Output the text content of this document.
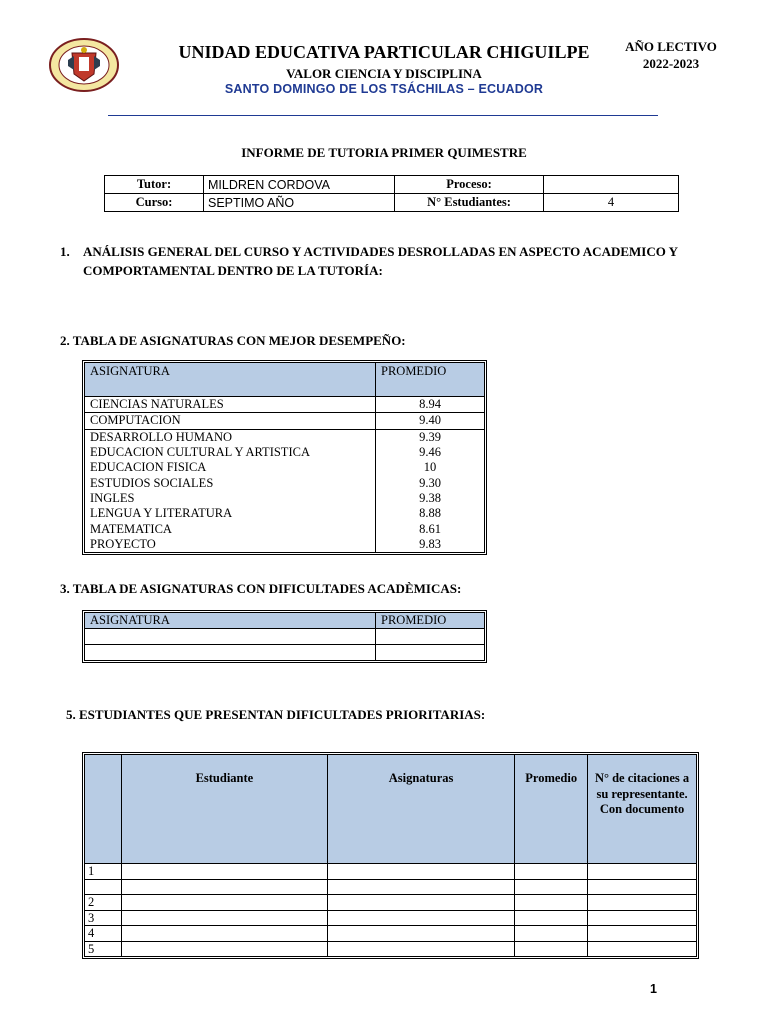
UNIDAD EDUCATIVA PARTICULAR CHIGUILPE
VALOR CIENCIA Y DISCIPLINA
SANTO DOMINGO DE LOS TSÁCHILAS – ECUADOR
AÑO LECTIVO
2022-2023
INFORME DE TUTORIA PRIMER QUIMESTRE
Tutor:	MILDREN CORDOVA	Proceso:	
Curso:	SEPTIMO AÑO	N° Estudiantes:	4
1. ANÁLISIS GENERAL DEL CURSO Y ACTIVIDADES DESROLLADAS EN ASPECTO ACADEMICO Y COMPORTAMENTAL DENTRO DE LA TUTORÍA:
2. TABLA DE ASIGNATURAS CON MEJOR DESEMPEÑO:
ASIGNATURA	PROMEDIO
CIENCIAS NATURALES	8.94
COMPUTACION	9.40
DESARROLLO HUMANO	9.39
EDUCACION CULTURAL Y ARTISTICA	9.46
EDUCACION FISICA	10
ESTUDIOS SOCIALES	9.30
INGLES	9.38
LENGUA Y LITERATURA	8.88
MATEMATICA	8.61
PROYECTO	9.83
3. TABLA DE ASIGNATURAS CON DIFICULTADES ACADÈMICAS:
ASIGNATURA	PROMEDIO

5. ESTUDIANTES QUE PRESENTAN DIFICULTADES PRIORITARIAS:
	Estudiante	Asignaturas	Promedio	N° de citaciones a su representante. Con documento
1				

2				
3				
4				
5				
1
